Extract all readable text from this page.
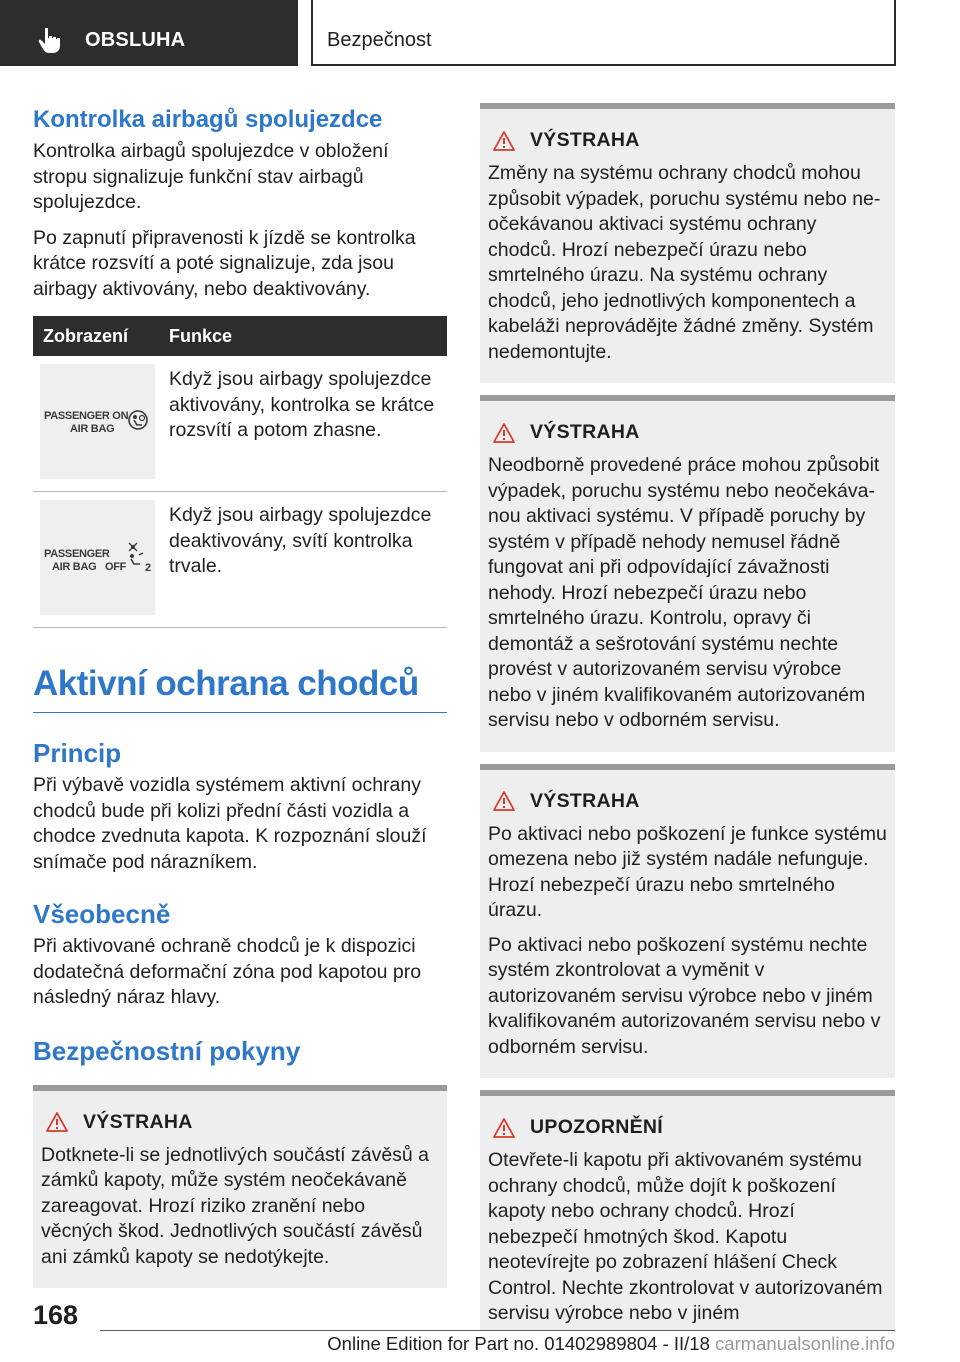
OBSLUHA	Bezpečnost
Kontrolka airbagů spolujezdce
Kontrolka airbagů spolujezdce v obložení stropu signalizuje funkční stav airbagů spolujezdce.
Po zapnutí připravenosti k jízdě se kontrolka krátce rozsvítí a poté signalizuje, zda jsou airbagy aktivovány, nebo deaktivovány.
Zobrazení	Funkce
PASSENGER ON
AIR BAG
Když jsou airbagy spolujezdce aktivovány, kontrolka se krátce rozsvítí a potom zhasne.
PASSENGER
AIR BAG OFF 2
Když jsou airbagy spolujezdce deaktivovány, svítí kontrolka trvale.
Aktivní ochrana chodců
Princip
Při výbavě vozidla systémem aktivní ochrany chodců bude při kolizi přední části vozidla a chodce zvednuta kapota. K rozpoznání slouží snímače pod nárazníkem.
Všeobecně
Při aktivované ochraně chodců je k dispozici dodatečná deformační zóna pod kapotou pro následný náraz hlavy.
Bezpečnostní pokyny
VÝSTRAHA
Dotknete-li se jednotlivých součástí závěsů a zámků kapoty, může systém neočekávaně zareagovat. Hrozí riziko zranění nebo věcných škod. Jednotlivých součástí závěsů ani zámků kapoty se nedotýkejte.
VÝSTRAHA
Změny na systému ochrany chodců mohou způsobit výpadek, poruchu systému nebo neočekávanou aktivaci systému ochrany chodců. Hrozí nebezpečí úrazu nebo smrtelného úrazu. Na systému ochrany chodců, jeho jednotlivých komponentech a kabeláži neprovádějte žádné změny. Systém nedemontujte.
VÝSTRAHA
Neodborně provedené práce mohou způsobit výpadek, poruchu systému nebo neočekávanou aktivaci systému. V případě poruchy by systém v případě nehody nemusel řádně fungovat ani při odpovídající závažnosti nehody. Hrozí nebezpečí úrazu nebo smrtelného úrazu. Kontrolu, opravy či demontáž a sešrotování systému nechte provést v autorizovaném servisu výrobce nebo v jiném kvalifikovaném autorizovaném servisu nebo v odborném servisu.
VÝSTRAHA
Po aktivaci nebo poškození je funkce systému omezena nebo již systém nadále nefunguje. Hrozí nebezpečí úrazu nebo smrtelného úrazu.
Po aktivaci nebo poškození systému nechte systém zkontrolovat a vyměnit v autorizovaném servisu výrobce nebo v jiném kvalifikovaném autorizovaném servisu nebo v odborném servisu.
UPOZORNĚNÍ
Otevřete-li kapotu při aktivovaném systému ochrany chodců, může dojít k poškození kapoty nebo ochrany chodců. Hrozí nebezpečí hmotných škod. Kapotu neotevírejte po zobrazení hlášení Check Control. Nechte zkontrolovat v autorizovaném servisu výrobce nebo v jiném
168
Online Edition for Part no. 01402989804 - II/18 carmanualsonline.info
